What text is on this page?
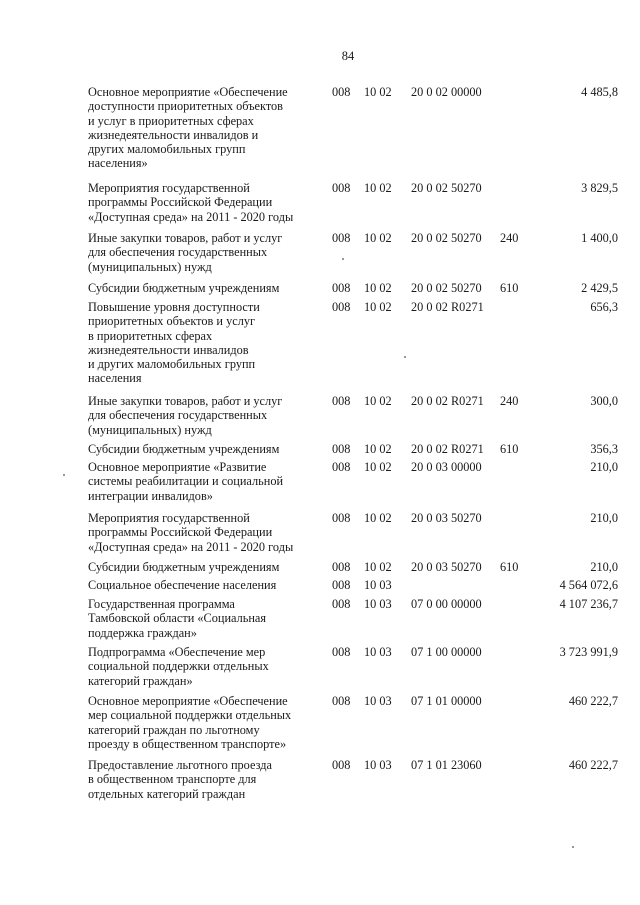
84
Основное мероприятие «Обеспечение
доступности приоритетных объектов
и услуг в приоритетных сферах
жизнедеятельности инвалидов и
других маломобильных групп
населения»
008 10 02 20 0 02 00000	4 485,8
Мероприятия государственной
программы Российской Федерации
«Доступная среда» на 2011 - 2020 годы
008 10 02 20 0 02 50270	3 829,5
Иные закупки товаров, работ и услуг
для обеспечения государственных
(муниципальных) нужд
008 10 02 20 0 02 50270 240	1 400,0
Субсидии бюджетным учреждениям	008 10 02 20 0 02 50270 610	2 429,5
Повышение уровня доступности
приоритетных объектов и услуг
в приоритетных сферах
жизнедеятельности инвалидов
и других маломобильных групп
населения
008 10 02 20 0 02 R0271	656,3
Иные закупки товаров, работ и услуг
для обеспечения государственных
(муниципальных) нужд
008 10 02 20 0 02 R0271 240	300,0
Субсидии бюджетным учреждениям	008 10 02 20 0 02 R0271 610	356,3
Основное мероприятие «Развитие
системы реабилитации и социальной
интеграции инвалидов»
008 10 02 20 0 03 00000	210,0
Мероприятия государственной
программы Российской Федерации
«Доступная среда» на 2011 - 2020 годы
008 10 02 20 0 03 50270	210,0
Субсидии бюджетным учреждениям	008 10 02 20 0 03 50270 610	210,0
Социальное обеспечение населения	008 10 03	4 564 072,6
Государственная программа
Тамбовской области «Социальная
поддержка граждан»
008 10 03 07 0 00 00000	4 107 236,7
Подпрограмма «Обеспечение мер
социальной поддержки отдельных
категорий граждан»
008 10 03 07 1 00 00000	3 723 991,9
Основное мероприятие «Обеспечение
мер социальной поддержки отдельных
категорий граждан по льготному
проезду в общественном транспорте»
008 10 03 07 1 01 00000	460 222,7
Предоставление льготного проезда
в общественном транспорте для
отдельных категорий граждан
008 10 03 07 1 01 23060	460 222,7
